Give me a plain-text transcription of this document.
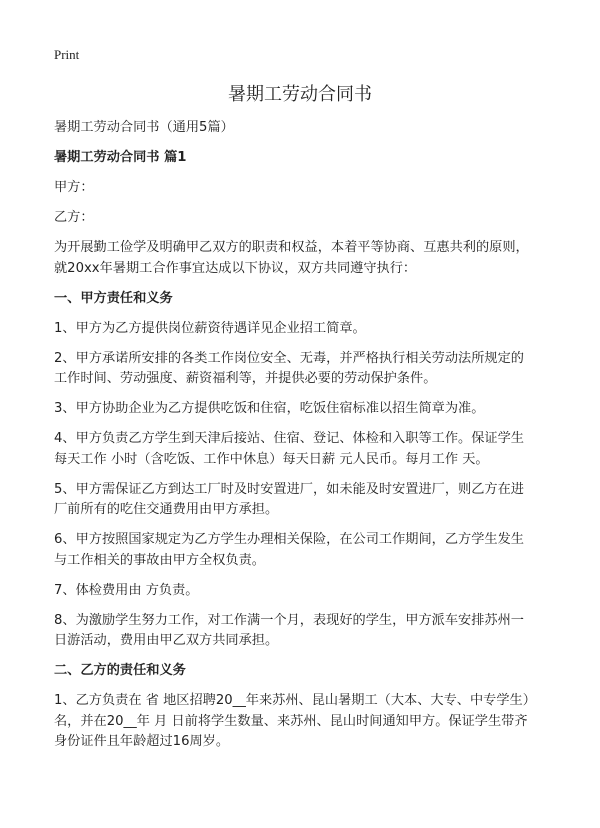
Print
暑期工劳动合同书

暑期工劳动合同书（通用5篇）

暑期工劳动合同书 篇1

甲方：

乙方：

为开展勤工俭学及明确甲乙双方的职责和权益，本着平等协商、互惠共利的原则，
就20xx年暑期工合作事宜达成以下协议，双方共同遵守执行：

一、甲方责任和义务

1、甲方为乙方提供岗位薪资待遇详见企业招工简章。

2、甲方承诺所安排的各类工作岗位安全、无毒，并严格执行相关劳动法所规定的
工作时间、劳动强度、薪资福利等，并提供必要的劳动保护条件。

3、甲方协助企业为乙方提供吃饭和住宿，吃饭住宿标准以招生简章为准。

4、甲方负责乙方学生到天津后接站、住宿、登记、体检和入职等工作。保证学生
每天工作 小时（含吃饭、工作中休息）每天日薪 元人民币。每月工作 天。

5、甲方需保证乙方到达工厂时及时安置进厂，如未能及时安置进厂，则乙方在进
厂前所有的吃住交通费用由甲方承担。

6、甲方按照国家规定为乙方学生办理相关保险，在公司工作期间，乙方学生发生
与工作相关的事故由甲方全权负责。

7、体检费用由 方负责。

8、为激励学生努力工作，对工作满一个月，表现好的学生，甲方派车安排苏州一
日游活动，费用由甲乙双方共同承担。

二、乙方的责任和义务

1、乙方负责在 省 地区招聘20__年来苏州、昆山暑期工（大本、大专、中专学生）
名，并在20__年 月 日前将学生数量、来苏州、昆山时间通知甲方。保证学生带齐
身份证件且年龄超过16周岁。
